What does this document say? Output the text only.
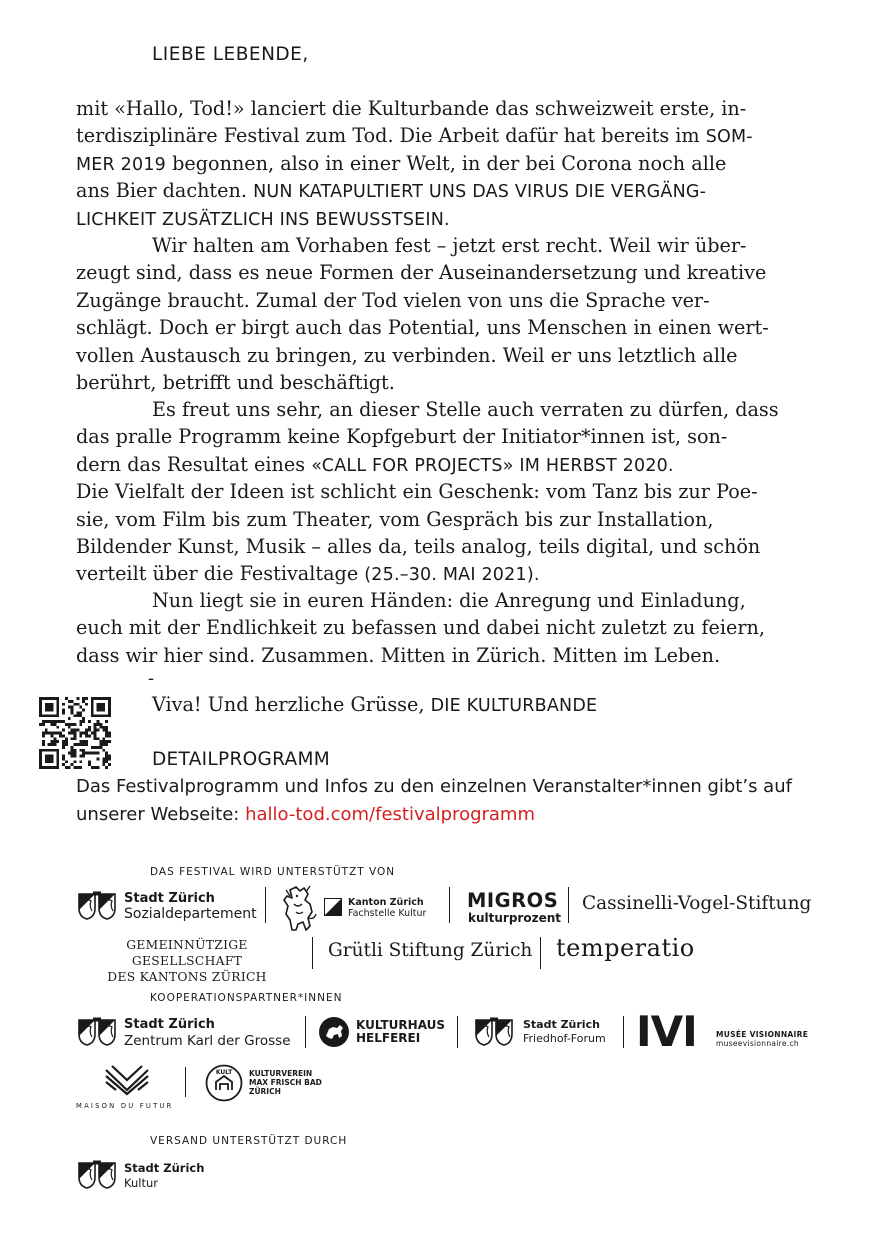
LIEBE LEBENDE,
mit «Hallo, Tod!» lanciert die Kulturbande das schweizweit erste, in-
terdisziplinäre Festival zum Tod. Die Arbeit dafür hat bereits im SOM-
MER 2019 begonnen, also in einer Welt, in der bei Corona noch alle
ans Bier dachten. NUN KATAPULTIERT UNS DAS VIRUS DIE VERGÄNG-
LICHKEIT ZUSÄTZLICH INS BEWUSSTSEIN.
Wir halten am Vorhaben fest – jetzt erst recht. Weil wir über-
zeugt sind, dass es neue Formen der Auseinandersetzung und kreative
Zugänge braucht. Zumal der Tod vielen von uns die Sprache ver-
schlägt. Doch er birgt auch das Potential, uns Menschen in einen wert-
vollen Austausch zu bringen, zu verbinden. Weil er uns letztlich alle
berührt, betrifft und beschäftigt.
Es freut uns sehr, an dieser Stelle auch verraten zu dürfen, dass
das pralle Programm keine Kopfgeburt der Initiator*innen ist, son-
dern das Resultat eines «CALL FOR PROJECTS» IM HERBST 2020.
Die Vielfalt der Ideen ist schlicht ein Geschenk: vom Tanz bis zur Poe-
sie, vom Film bis zum Theater, vom Gespräch bis zur Installation,
Bildender Kunst, Musik – alles da, teils analog, teils digital, und schön
verteilt über die Festivaltage (25.–30. MAI 2021).
Nun liegt sie in euren Händen: die Anregung und Einladung,
euch mit der Endlichkeit zu befassen und dabei nicht zuletzt zu feiern,
dass wir hier sind. Zusammen. Mitten in Zürich. Mitten im Leben.
-
Viva! Und herzliche Grüsse, DIE KULTURBANDE
DETAILPROGRAMM
Das Festivalprogramm und Infos zu den einzelnen Veranstalter*innen gibt’s auf
unserer Webseite: hallo-tod.com/festivalprogramm
DAS FESTIVAL WIRD UNTERSTÜTZT VON
Stadt Zürich
Sozialdepartement
Kanton Zürich
Fachstelle Kultur
MIGROS
kulturprozent
Cassinelli-Vogel-Stiftung
GEMEINNÜTZIGE GESELLSCHAFT
DES KANTONS ZÜRICH
Grütli Stiftung Zürich temperatio
KOOPERATIONSPARTNER*INNEN
Stadt Zürich
Zentrum Karl der Grosse
KULTURHAUS
HELFEREI
Stadt Zürich
Friedhof-Forum IVI	MUSÉE VISIONNAIRE
museevisionnaire.ch
MAISON DU FUTUR
KULT KULTURVEREIN
MAX FRISCH BAD
ZÜRICH
VERSAND UNTERSTÜTZT DURCH
Stadt Zürich
Kultur
